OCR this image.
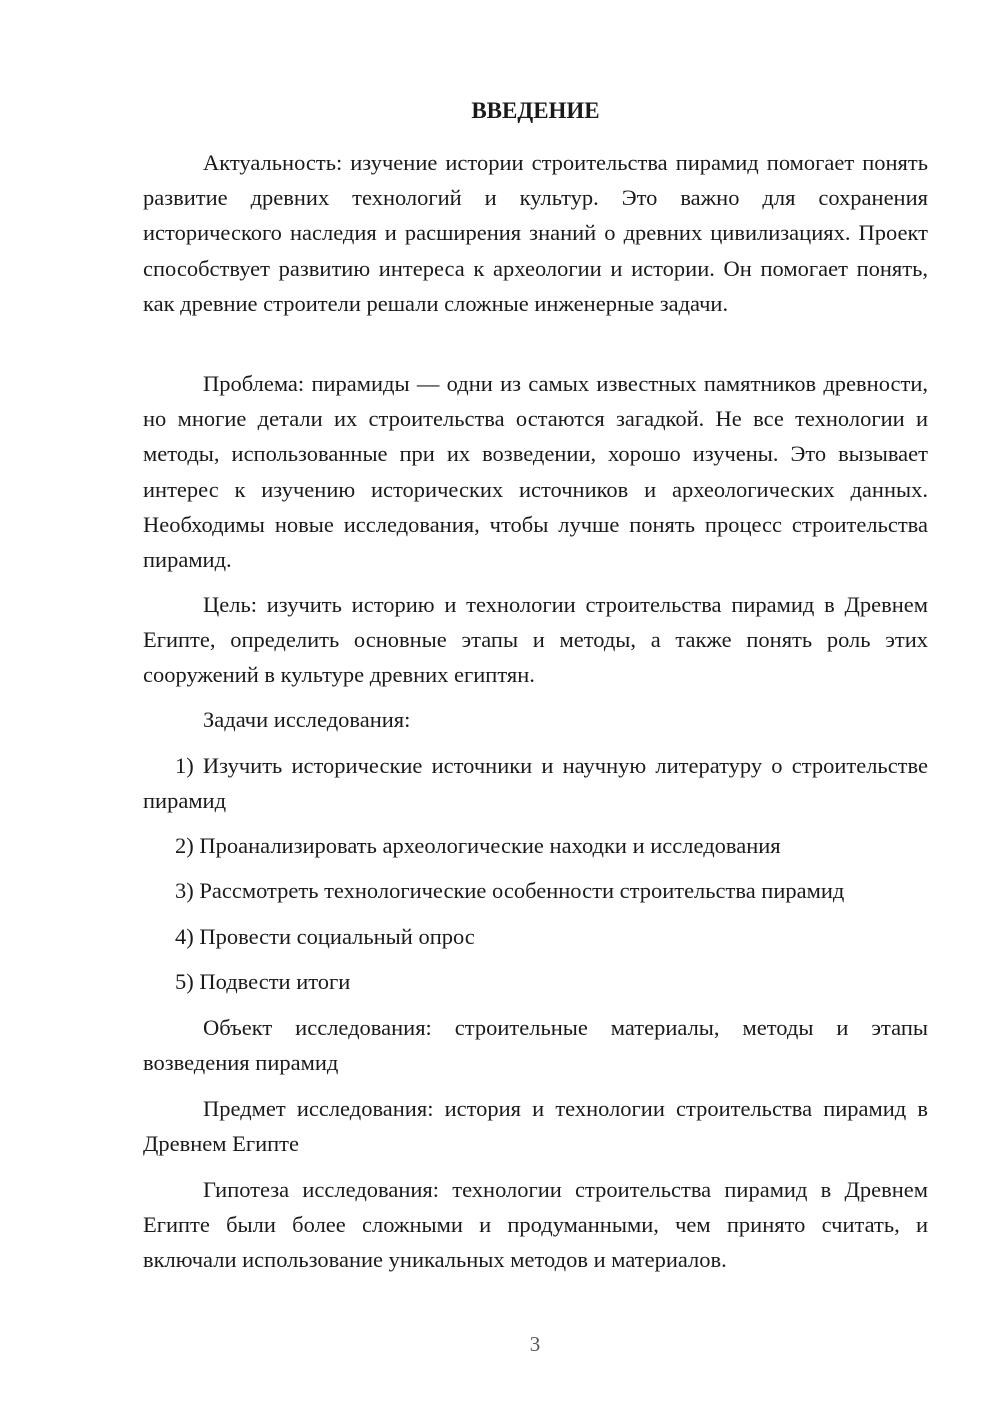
ВВЕДЕНИЕ

Актуальность: изучение истории строительства пирамид помогает понять развитие древних технологий и культур. Это важно для сохранения исторического наследия и расширения знаний о древних цивилизациях. Проект способствует развитию интереса к археологии и истории. Он помогает понять, как древние строители решали сложные инженерные задачи.

Проблема: пирамиды — одни из самых известных памятников древности, но многие детали их строительства остаются загадкой. Не все технологии и методы, использованные при их возведении, хорошо изучены. Это вызывает интерес к изучению исторических источников и археологических данных. Необходимы новые исследования, чтобы лучше понять процесс строительства пирамид.

Цель: изучить историю и технологии строительства пирамид в Древнем Египте, определить основные этапы и методы, а также понять роль этих сооружений в культуре древних египтян.

Задачи исследования:

1) Изучить исторические источники и научную литературу о строительстве пирамид

2) Проанализировать археологические находки и исследования

3) Рассмотреть технологические особенности строительства пирамид

4) Провести социальный опрос

5) Подвести итоги

Объект исследования: строительные материалы, методы и этапы возведения пирамид

Предмет исследования: история и технологии строительства пирамид в Древнем Египте

Гипотеза исследования: технологии строительства пирамид в Древнем Египте были более сложными и продуманными, чем принято считать, и включали использование уникальных методов и материалов.

3
